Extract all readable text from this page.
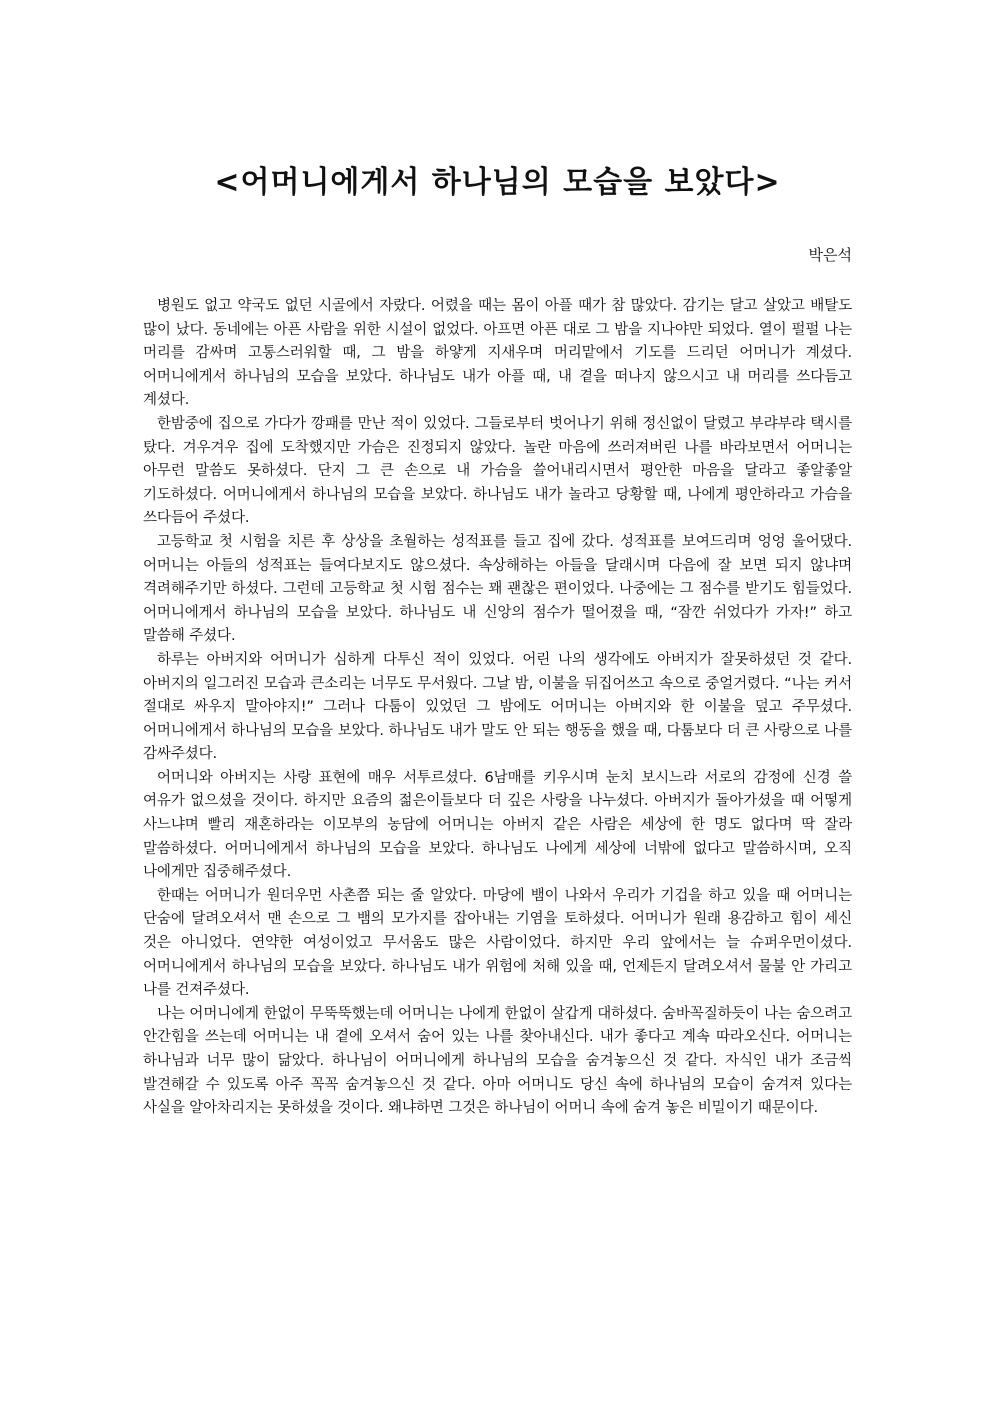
<어머니에게서 하나님의 모습을 보았다>

박은석

병원도 없고 약국도 없던 시골에서 자랐다. 어렸을 때는 몸이 아플 때가 참 많았다. 감기는 달고 살았고 배탈도 많이 났다. 동네에는 아픈 사람을 위한 시설이 없었다. 아프면 아픈 대로 그 밤을 지나야만 되었다. 열이 펄펄 나는 머리를 감싸며 고통스러워할 때, 그 밤을 하얗게 지새우며 머리맡에서 기도를 드리던 어머니가 계셨다. 어머니에게서 하나님의 모습을 보았다. 하나님도 내가 아플 때, 내 곁을 떠나지 않으시고 내 머리를 쓰다듬고 계셨다.

한밤중에 집으로 가다가 깡패를 만난 적이 있었다. 그들로부터 벗어나기 위해 정신없이 달렸고 부랴부랴 택시를 탔다. 겨우겨우 집에 도착했지만 가슴은 진정되지 않았다. 놀란 마음에 쓰러져버린 나를 바라보면서 어머니는 아무런 말씀도 못하셨다. 단지 그 큰 손으로 내 가슴을 쓸어내리시면서 평안한 마음을 달라고 좋알좋알 기도하셨다. 어머니에게서 하나님의 모습을 보았다. 하나님도 내가 놀라고 당황할 때, 나에게 평안하라고 가슴을 쓰다듬어 주셨다.

고등학교 첫 시험을 치른 후 상상을 초월하는 성적표를 들고 집에 갔다. 성적표를 보여드리며 엉엉 울어댔다. 어머니는 아들의 성적표는 들여다보지도 않으셨다. 속상해하는 아들을 달래시며 다음에 잘 보면 되지 않냐며 격려해주기만 하셨다. 그런데 고등학교 첫 시험 점수는 꽤 괜찮은 편이었다. 나중에는 그 점수를 받기도 힘들었다. 어머니에게서 하나님의 모습을 보았다. 하나님도 내 신앙의 점수가 떨어졌을 때, “잠깐 쉬었다가 가자!” 하고 말씀해 주셨다.

하루는 아버지와 어머니가 심하게 다투신 적이 있었다. 어린 나의 생각에도 아버지가 잘못하셨던 것 같다. 아버지의 일그러진 모습과 큰소리는 너무도 무서웠다. 그날 밤, 이불을 뒤집어쓰고 속으로 중얼거렸다. “나는 커서 절대로 싸우지 말아야지!” 그러나 다툼이 있었던 그 밤에도 어머니는 아버지와 한 이불을 덮고 주무셨다. 어머니에게서 하나님의 모습을 보았다. 하나님도 내가 말도 안 되는 행동을 했을 때, 다툼보다 더 큰 사랑으로 나를 감싸주셨다.

어머니와 아버지는 사랑 표현에 매우 서투르셨다. 6남매를 키우시며 눈치 보시느라 서로의 감정에 신경 쓸 여유가 없으셨을 것이다. 하지만 요즘의 젊은이들보다 더 깊은 사랑을 나누셨다. 아버지가 돌아가셨을 때 어떻게 사느냐며 빨리 재혼하라는 이모부의 농담에 어머니는 아버지 같은 사람은 세상에 한 명도 없다며 딱 잘라 말씀하셨다. 어머니에게서 하나님의 모습을 보았다. 하나님도 나에게 세상에 너밖에 없다고 말씀하시며, 오직 나에게만 집중해주셨다.

한때는 어머니가 원더우먼 사촌쯤 되는 줄 알았다. 마당에 뱀이 나와서 우리가 기겁을 하고 있을 때 어머니는 단숨에 달려오셔서 맨 손으로 그 뱀의 모가지를 잡아내는 기염을 토하셨다. 어머니가 원래 용감하고 힘이 세신 것은 아니었다. 연약한 여성이었고 무서움도 많은 사람이었다. 하지만 우리 앞에서는 늘 슈퍼우먼이셨다. 어머니에게서 하나님의 모습을 보았다. 하나님도 내가 위험에 처해 있을 때, 언제든지 달려오셔서 물불 안 가리고 나를 건져주셨다.

나는 어머니에게 한없이 무뚝뚝했는데 어머니는 나에게 한없이 살갑게 대하셨다. 숨바꼭질하듯이 나는 숨으려고 안간힘을 쓰는데 어머니는 내 곁에 오셔서 숨어 있는 나를 찾아내신다. 내가 좋다고 계속 따라오신다. 어머니는 하나님과 너무 많이 닮았다. 하나님이 어머니에게 하나님의 모습을 숨겨놓으신 것 같다. 자식인 내가 조금씩 발견해갈 수 있도록 아주 꼭꼭 숨겨놓으신 것 같다. 아마 어머니도 당신 속에 하나님의 모습이 숨겨져 있다는 사실을 알아차리지는 못하셨을 것이다. 왜냐하면 그것은 하나님이 어머니 속에 숨겨 놓은 비밀이기 때문이다.
